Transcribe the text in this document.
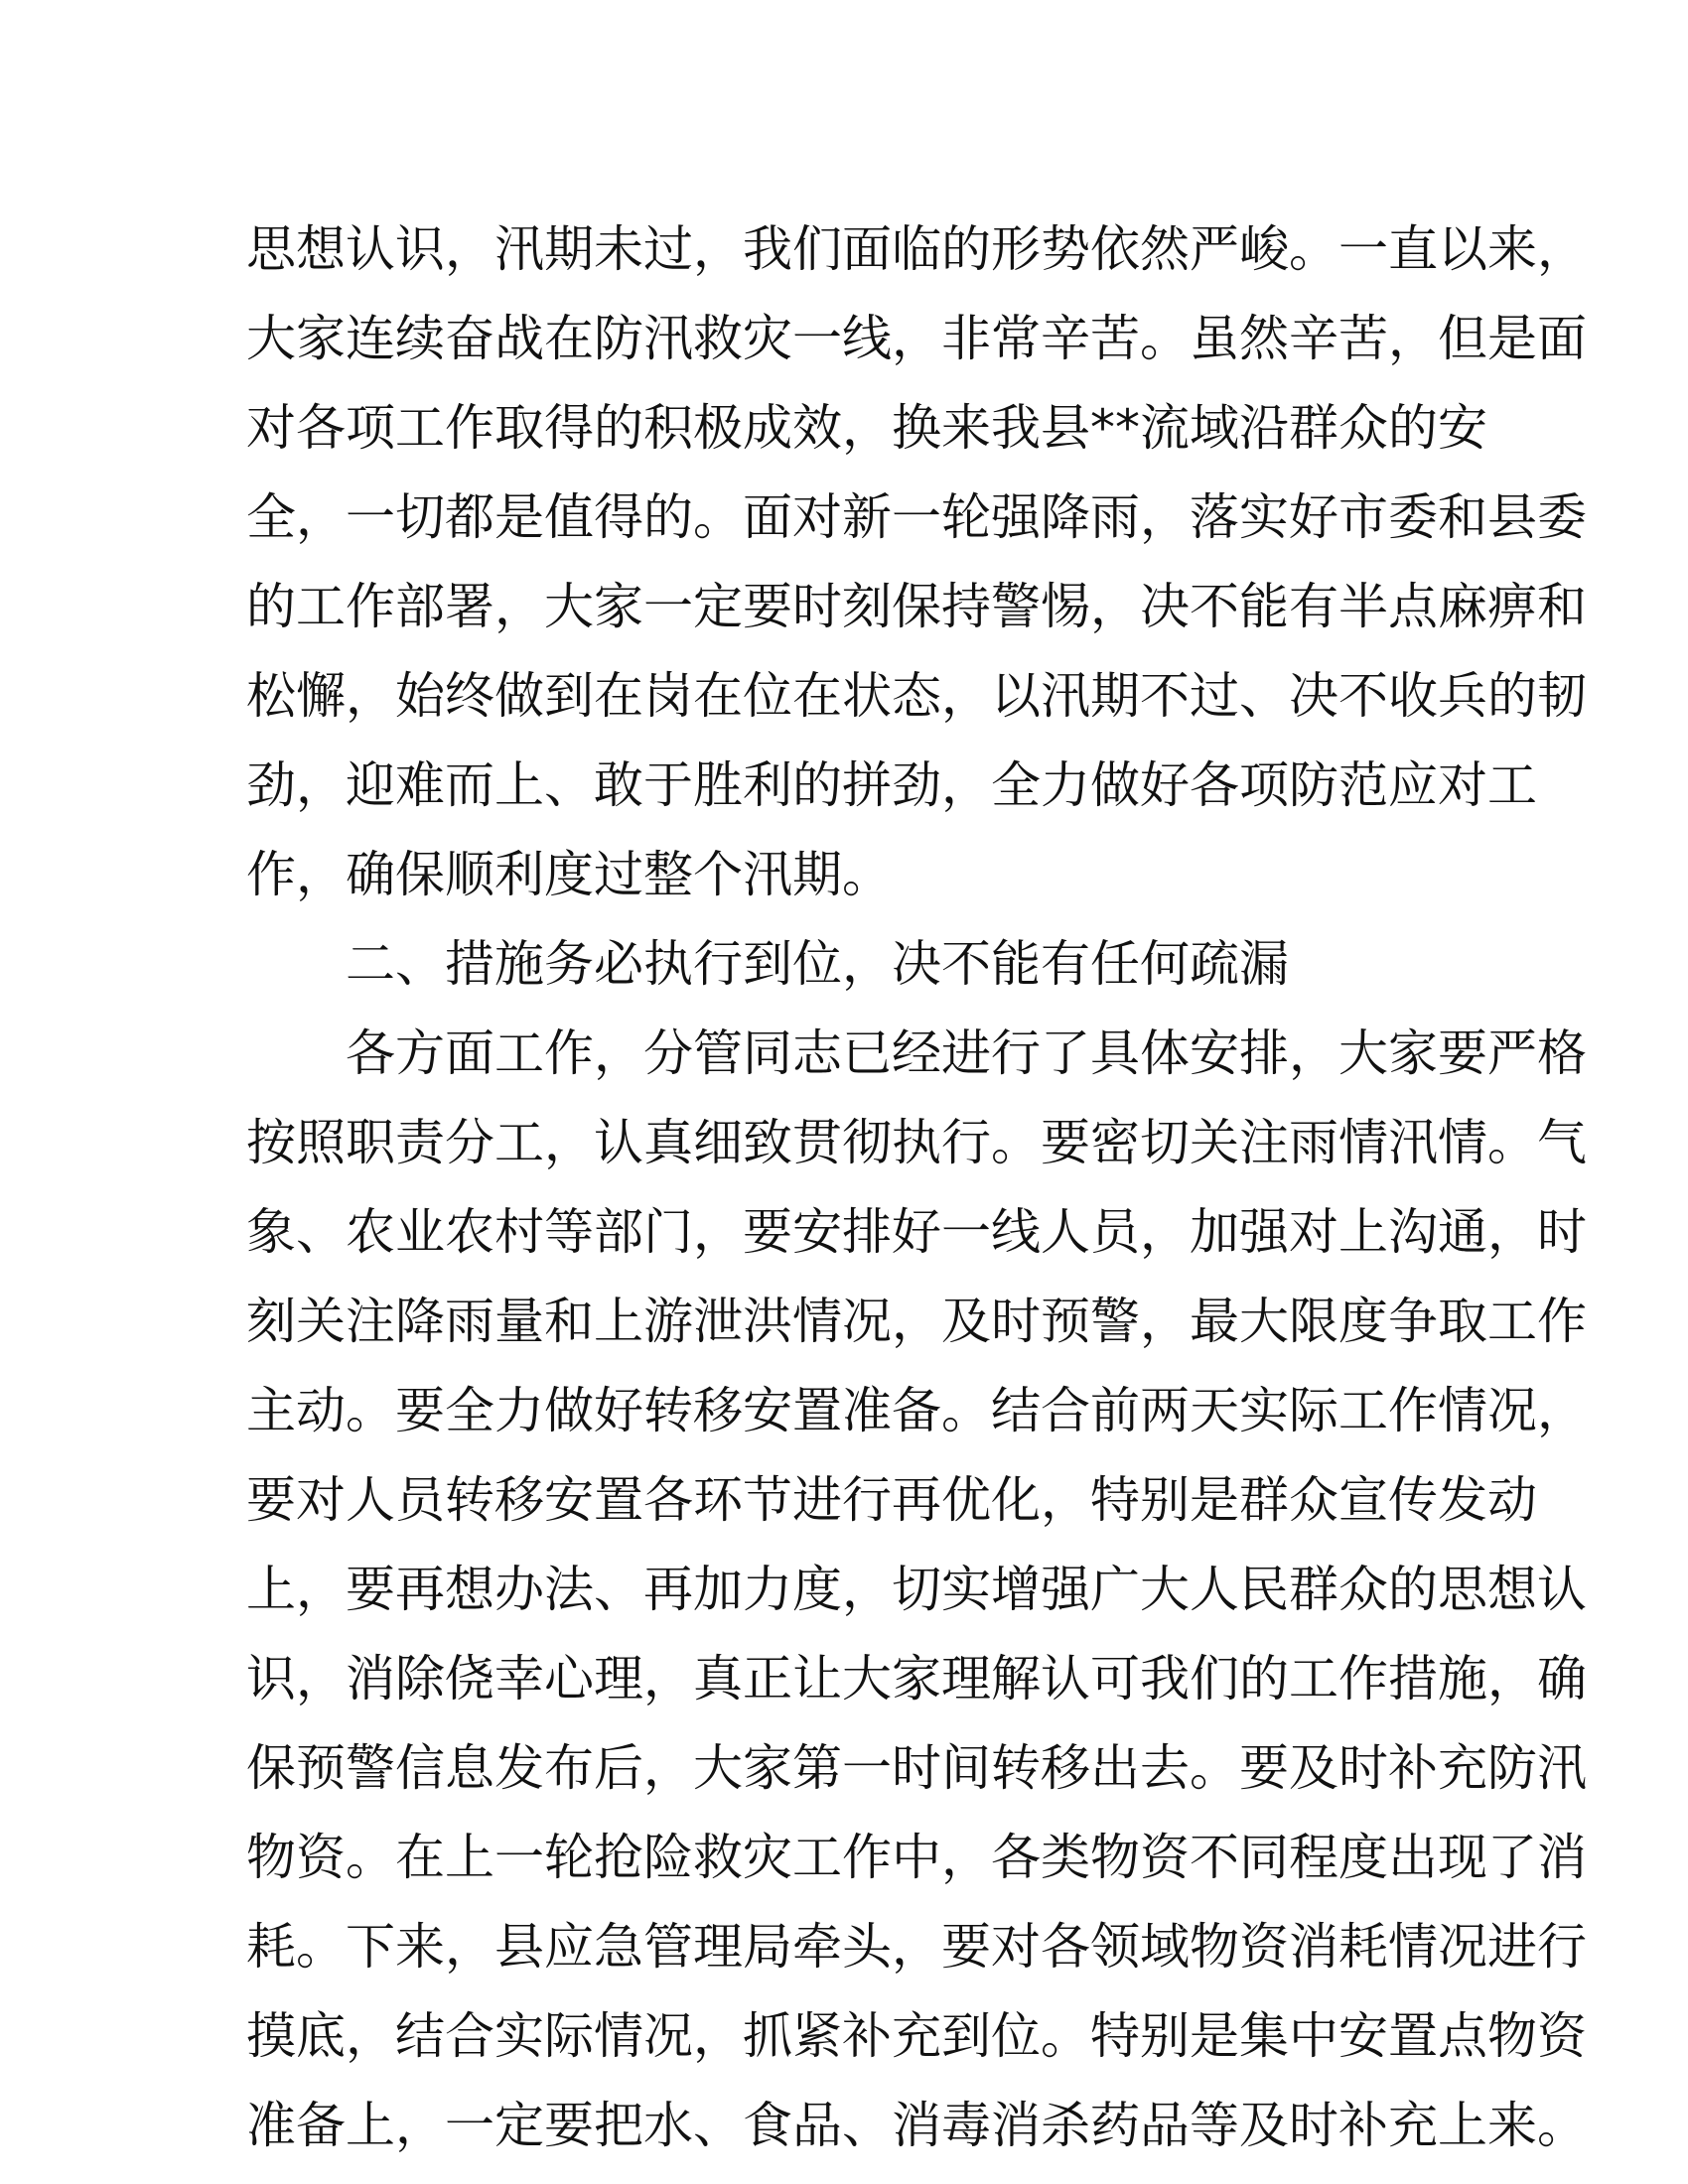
思想认识，汛期未过，我们面临的形势依然严峻。一直以来，
大家连续奋战在防汛救灾一线，非常辛苦。虽然辛苦，但是面
对各项工作取得的积极成效，换来我县**流域沿群众的安
全，一切都是值得的。面对新一轮强降雨，落实好市委和县委
的工作部署，大家一定要时刻保持警惕，决不能有半点麻痹和
松懈，始终做到在岗在位在状态，以汛期不过、决不收兵的韧
劲，迎难而上、敢于胜利的拼劲，全力做好各项防范应对工
作，确保顺利度过整个汛期。
二、措施务必执行到位，决不能有任何疏漏
各方面工作，分管同志已经进行了具体安排，大家要严格
按照职责分工，认真细致贯彻执行。要密切关注雨情汛情。气
象、农业农村等部门，要安排好一线人员，加强对上沟通，时
刻关注降雨量和上游泄洪情况，及时预警，最大限度争取工作
主动。要全力做好转移安置准备。结合前两天实际工作情况，
要对人员转移安置各环节进行再优化，特别是群众宣传发动
上，要再想办法、再加力度，切实增强广大人民群众的思想认
识，消除侥幸心理，真正让大家理解认可我们的工作措施，确
保预警信息发布后，大家第一时间转移出去。要及时补充防汛
物资。在上一轮抢险救灾工作中，各类物资不同程度出现了消
耗。下来，县应急管理局牵头，要对各领域物资消耗情况进行
摸底，结合实际情况，抓紧补充到位。特别是集中安置点物资
准备上，一定要把水、食品、消毒消杀药品等及时补充上来。
